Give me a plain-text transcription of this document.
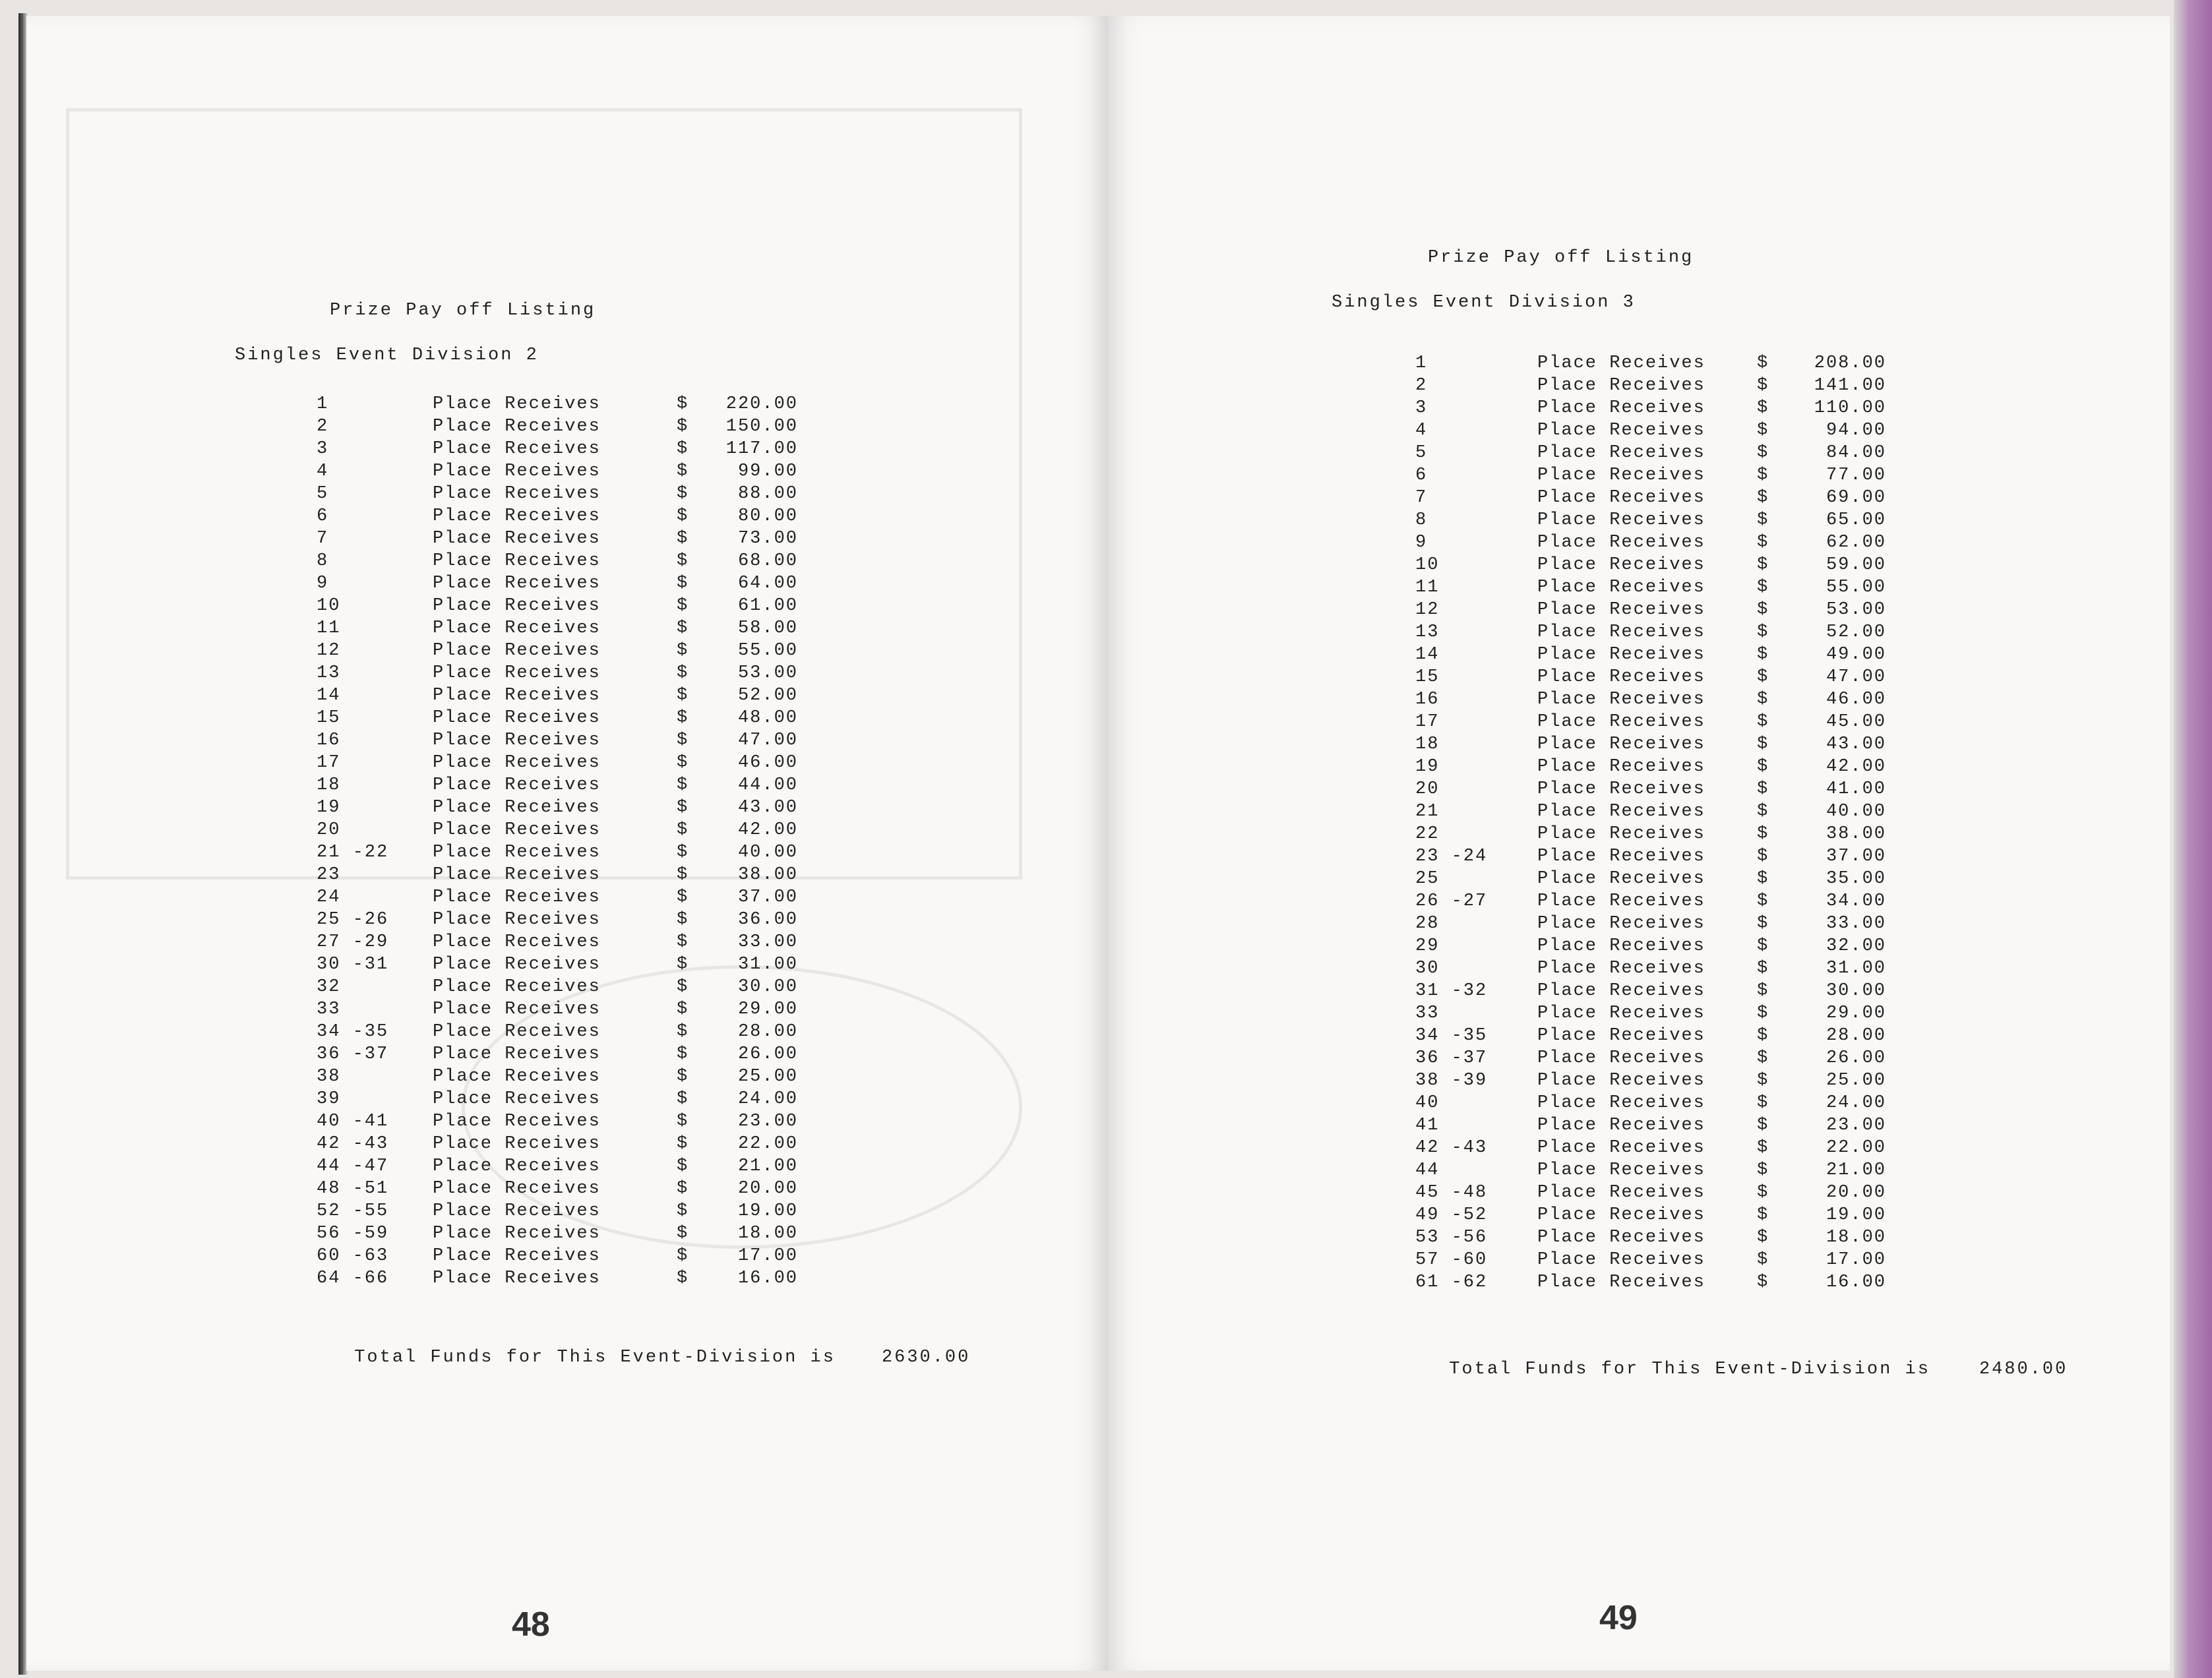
Prize Pay off Listing
Singles Event Division 2
1	Place Receives	$ 220.00
2	Place Receives	$ 150.00
3	Place Receives	$ 117.00
4	Place Receives	$	99.00
5	Place Receives	$	88.00
6	Place Receives	$	80.00
7	Place Receives	$	73.00
8	Place Receives	$	68.00
9	Place Receives	$	64.00
10	Place Receives	$	61.00
11	Place Receives	$	58.00
12	Place Receives	$	55.00
13	Place Receives	$	53.00
14	Place Receives	$	52.00
15	Place Receives	$	48.00
16	Place Receives	$	47.00
17	Place Receives	$	46.00
18	Place Receives	$	44.00
19	Place Receives	$	43.00
20	Place Receives	$	42.00
21 -22 Place Receives	$	40.00
23	Place Receives	$	38.00
24	Place Receives	$	37.00
25 -26 Place Receives	$	36.00
27 -29 Place Receives	$	33.00
30 -31 Place Receives	$	31.00
32	Place Receives	$	30.00
33	Place Receives	$	29.00
34 -35 Place Receives	$	28.00
36 -37 Place Receives	$	26.00
38	Place Receives	$	25.00
39	Place Receives	$	24.00
40 -41 Place Receives	$	23.00
42 -43 Place Receives	$	22.00
44 -47 Place Receives	$	21.00
48 -51 Place Receives	$	20.00
52 -55 Place Receives	$	19.00
56 -59 Place Receives	$	18.00
60 -63 Place Receives	$	17.00
64 -66 Place Receives	$	16.00

Total Funds for This Event-Division is	2630.00

48
Prize Pay off Listing
Singles Event Division 3
1	Place Receives	$	208.00
2	Place Receives	$	141.00
3	Place Receives	$	110.00
4	Place Receives	$	94.00
5	Place Receives	$	84.00
6	Place Receives	$	77.00
7	Place Receives	$	69.00
8	Place Receives	$	65.00
9	Place Receives	$	62.00
10	Place Receives	$	59.00
11	Place Receives	$	55.00
12	Place Receives	$	53.00
13	Place Receives	$	52.00
14	Place Receives	$	49.00
15	Place Receives	$	47.00
16	Place Receives	$	46.00
17	Place Receives	$	45.00
18	Place Receives	$	43.00
19	Place Receives	$	42.00
20	Place Receives	$	41.00
21	Place Receives	$	40.00
22	Place Receives	$	38.00
23 -24	Place Receives	$	37.00
25	Place Receives	$	35.00
26 -27	Place Receives	$	34.00
28	Place Receives	$	33.00
29	Place Receives	$	32.00
30	Place Receives	$	31.00
31 -32	Place Receives	$	30.00
33	Place Receives	$	29.00
34 -35	Place Receives	$	28.00
36 -37	Place Receives	$	26.00
38 -39	Place Receives	$	25.00
40	Place Receives	$	24.00
41	Place Receives	$	23.00
42 -43	Place Receives	$	22.00
44	Place Receives	$	21.00
45 -48	Place Receives	$	20.00
49 -52	Place Receives	$	19.00
53 -56	Place Receives	$	18.00
57 -60	Place Receives	$	17.00
61 -62	Place Receives	$	16.00

Total Funds for This Event-Division is	2480.00

49
